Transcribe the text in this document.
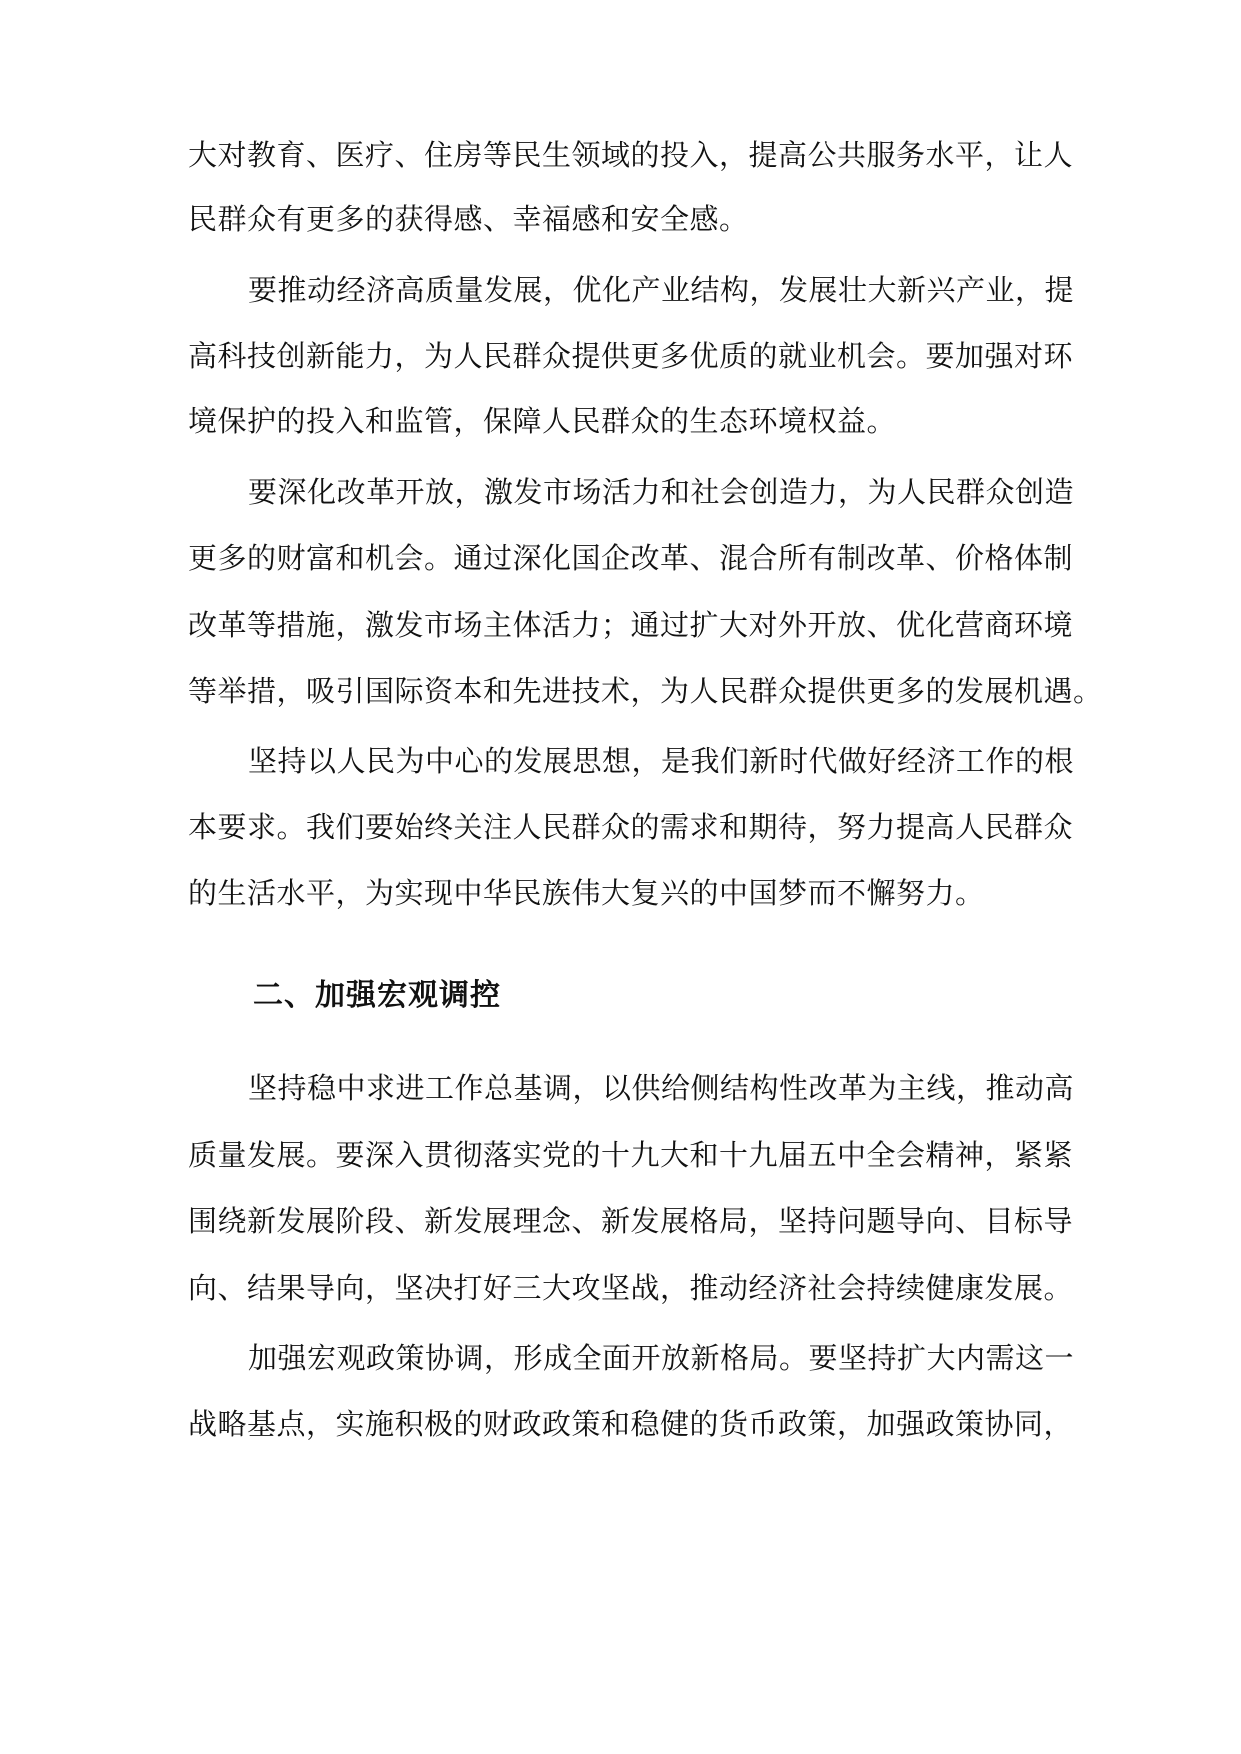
大对教育、医疗、住房等民生领域的投入，提高公共服务水平，让人
民群众有更多的获得感、幸福感和安全感。
要推动经济高质量发展，优化产业结构，发展壮大新兴产业，提
高科技创新能力，为人民群众提供更多优质的就业机会。要加强对环
境保护的投入和监管，保障人民群众的生态环境权益。
要深化改革开放，激发市场活力和社会创造力，为人民群众创造
更多的财富和机会。通过深化国企改革、混合所有制改革、价格体制
改革等措施，激发市场主体活力；通过扩大对外开放、优化营商环境
等举措，吸引国际资本和先进技术，为人民群众提供更多的发展机遇。
坚持以人民为中心的发展思想，是我们新时代做好经济工作的根
本要求。我们要始终关注人民群众的需求和期待，努力提高人民群众
的生活水平，为实现中华民族伟大复兴的中国梦而不懈努力。
二、加强宏观调控
坚持稳中求进工作总基调，以供给侧结构性改革为主线，推动高
质量发展。要深入贯彻落实党的十九大和十九届五中全会精神，紧紧
围绕新发展阶段、新发展理念、新发展格局，坚持问题导向、目标导
向、结果导向，坚决打好三大攻坚战，推动经济社会持续健康发展。
加强宏观政策协调，形成全面开放新格局。要坚持扩大内需这一
战略基点，实施积极的财政政策和稳健的货币政策，加强政策协同，
